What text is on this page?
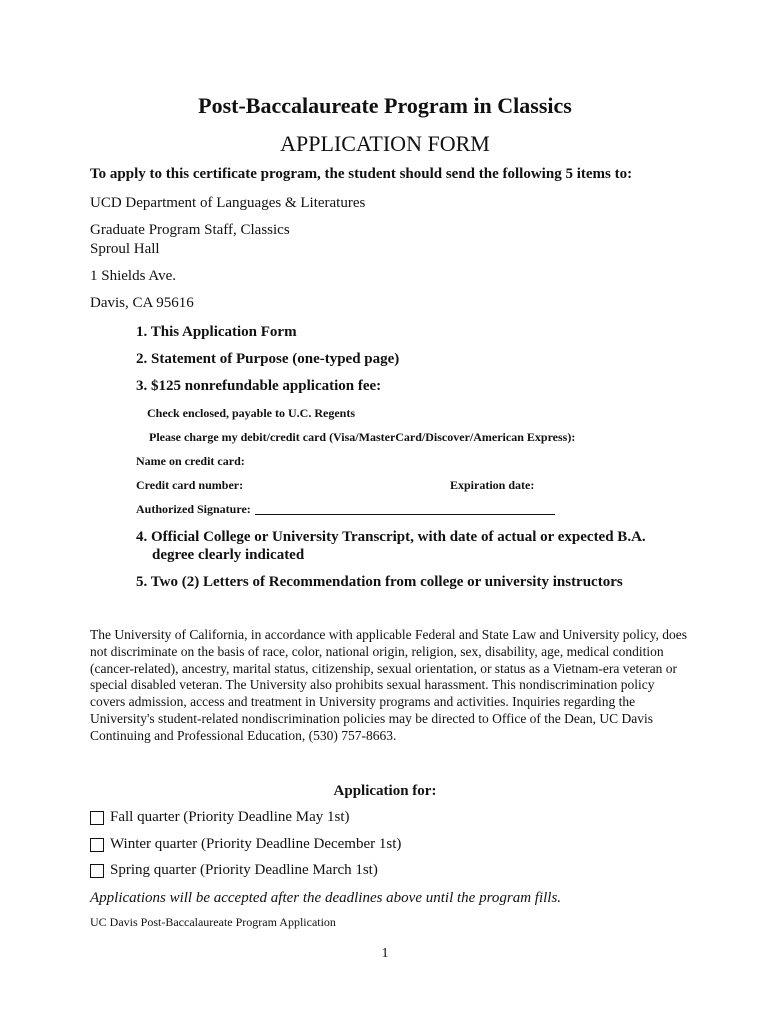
Post-Baccalaureate Program in Classics
APPLICATION FORM
To apply to this certificate program, the student should send the following 5 items to:
UCD Department of Languages & Literatures
Graduate Program Staff, Classics
Sproul Hall
1 Shields Ave.
Davis, CA 95616
1. This Application Form
2. Statement of Purpose (one-typed page)
3. $125 nonrefundable application fee:
Check enclosed, payable to U.C. Regents
Please charge my debit/credit card (Visa/MasterCard/Discover/American Express):
Name on credit card:
Credit card number:	Expiration date:
Authorized Signature:
4. Official College or University Transcript, with date of actual or expected B.A.
degree clearly indicated
5. Two (2) Letters of Recommendation from college or university instructors
The University of California, in accordance with applicable Federal and State Law and University policy, does not discriminate on the basis of race, color, national origin, religion, sex, disability, age, medical condition (cancer-related), ancestry, marital status, citizenship, sexual orientation, or status as a Vietnam-era veteran or special disabled veteran. The University also prohibits sexual harassment. This nondiscrimination policy covers admission, access and treatment in University programs and activities. Inquiries regarding the University's student-related nondiscrimination policies may be directed to Office of the Dean, UC Davis Continuing and Professional Education, (530) 757-8663.
Application for:
Fall quarter (Priority Deadline May 1st)
Winter quarter (Priority Deadline December 1st)
Spring quarter (Priority Deadline March 1st)
Applications will be accepted after the deadlines above until the program fills.
UC Davis Post-Baccalaureate Program Application
1
